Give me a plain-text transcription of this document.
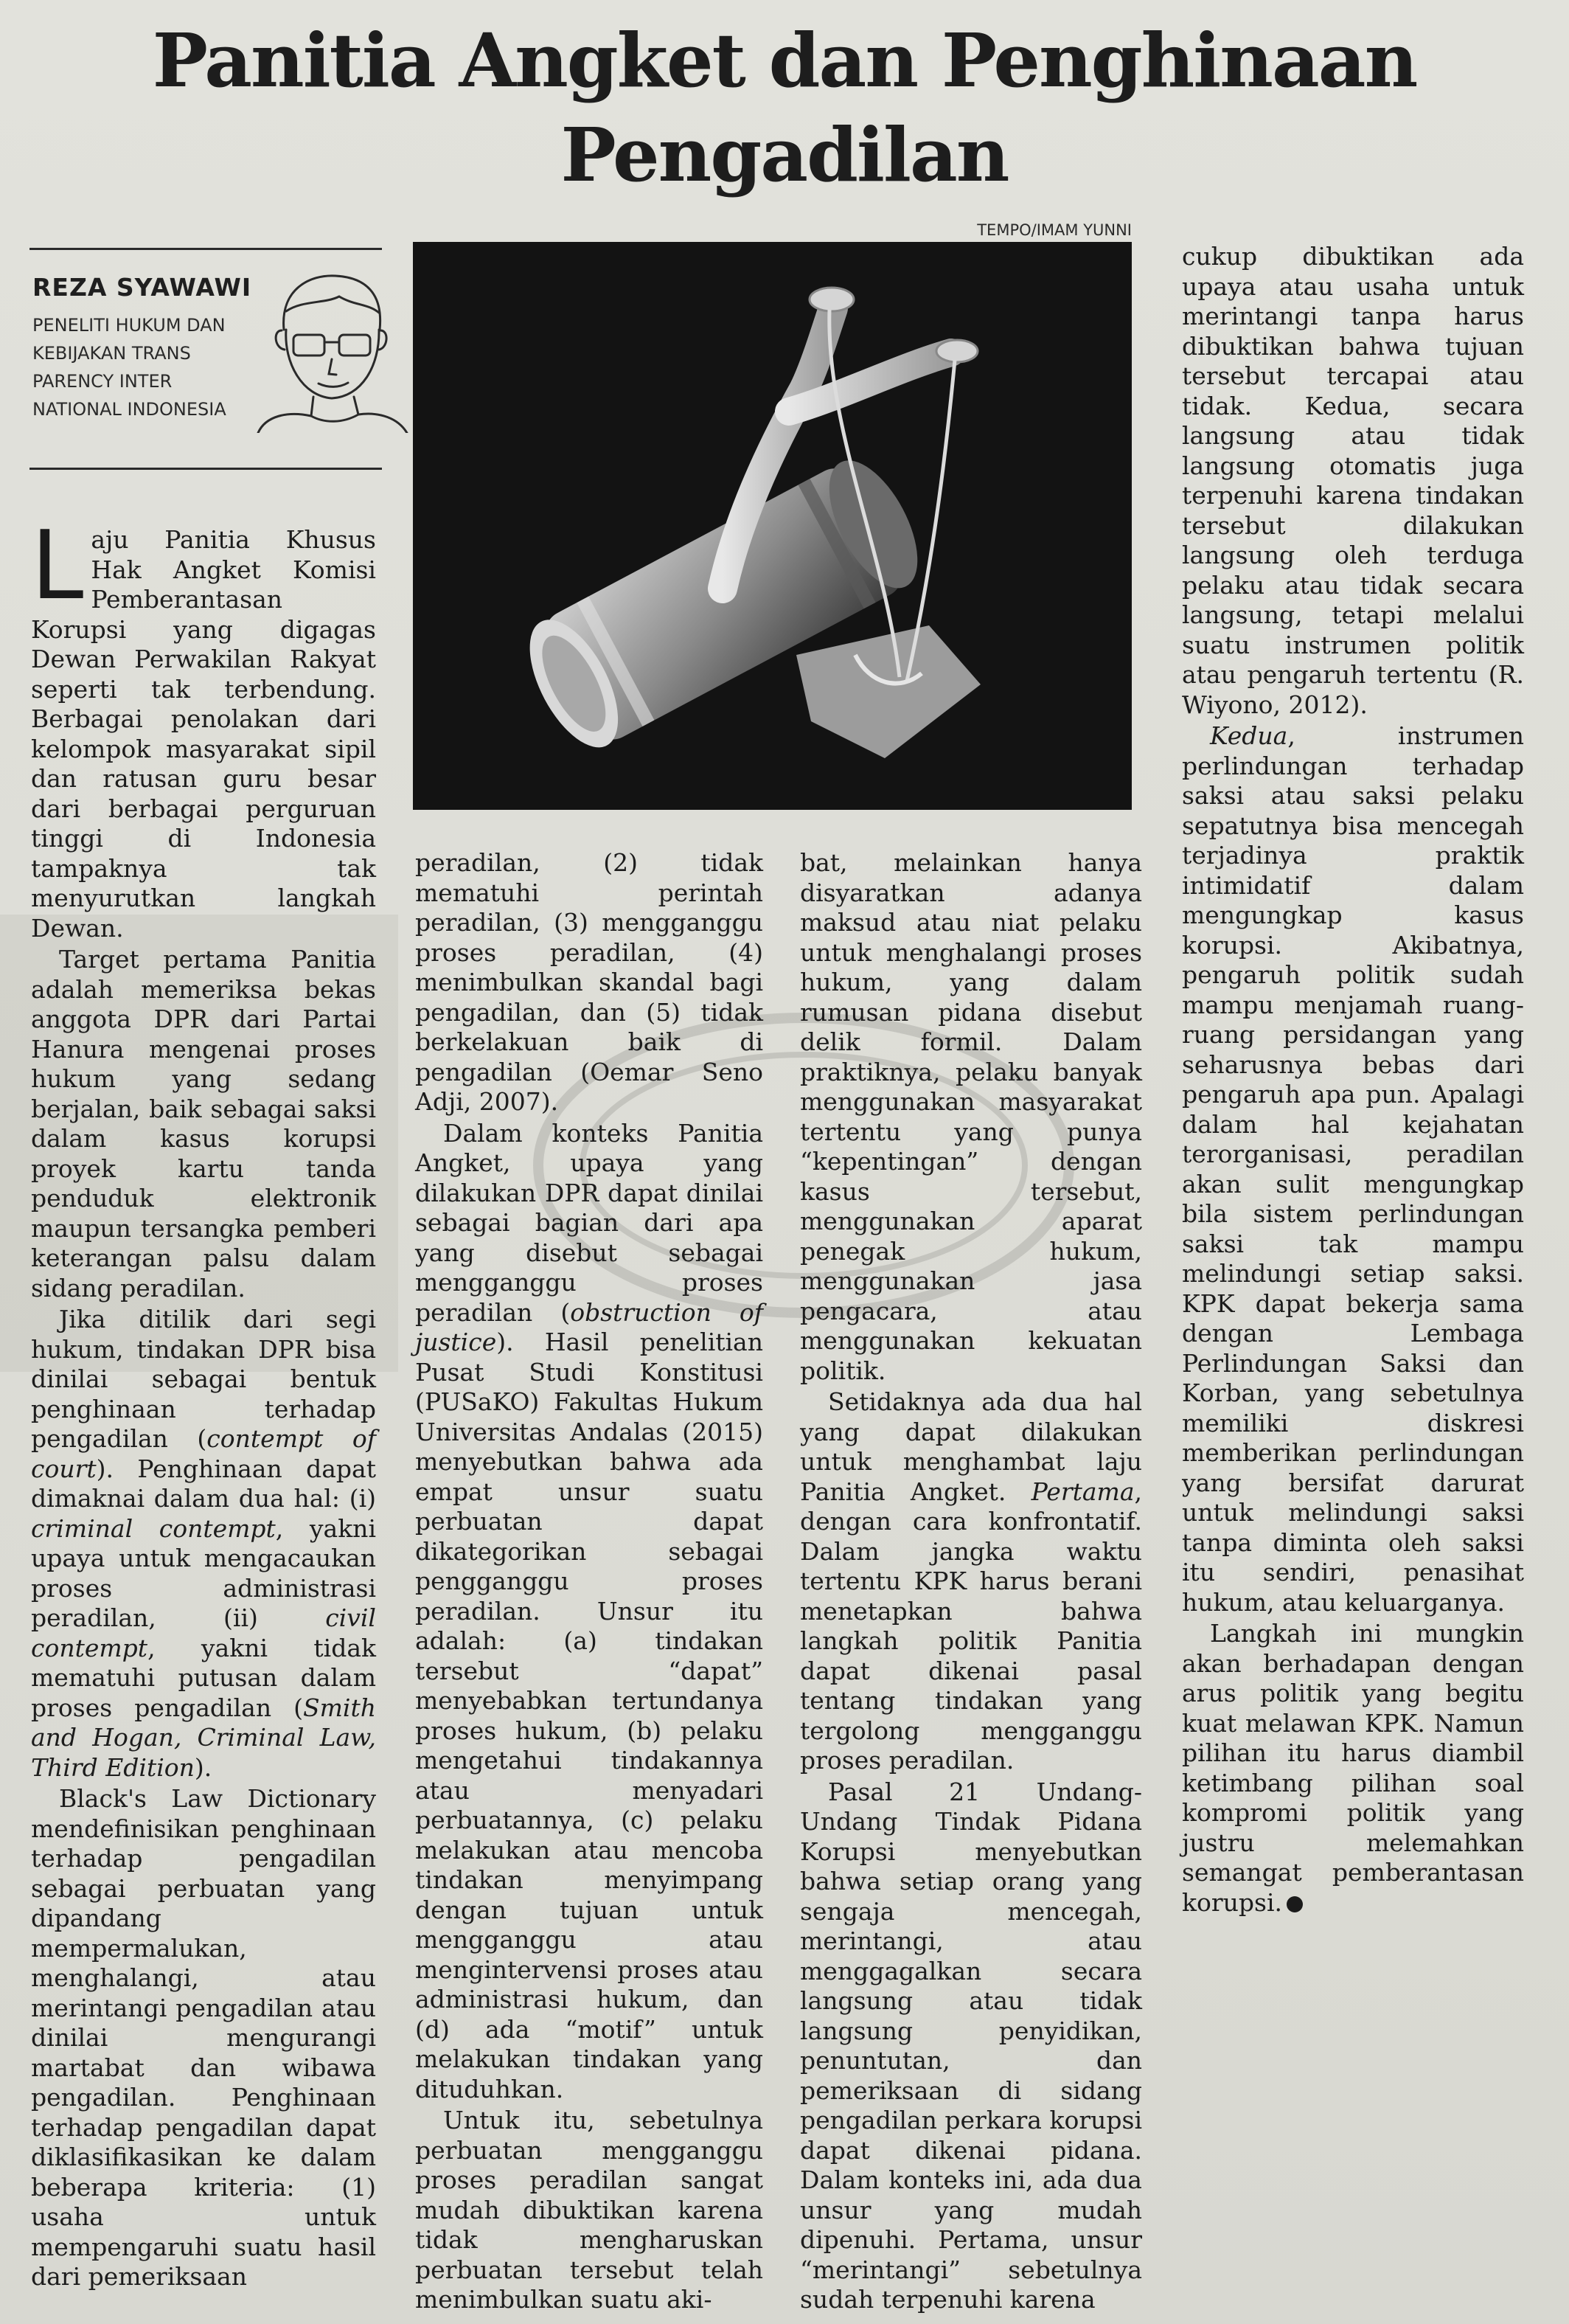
Panitia Angket dan Penghinaan
Pengadilan
REZA SYAWAWI
PENELITI HUKUM DAN KEBIJAKAN TRANS PARENCY INTER NATIONAL INDONESIA
TEMPO/IMAM YUNNI

Laju Panitia Khusus Hak Angket Komisi Pemberantasan Korupsi yang digagas Dewan Perwakilan Rakyat seperti tak terbendung. Berbagai penolakan dari kelompok masyarakat sipil dan ratusan guru besar dari berbagai perguruan tinggi di Indonesia tampaknya tak menyurutkan langkah Dewan.

Target pertama Panitia adalah memeriksa bekas anggota DPR dari Partai Hanura mengenai proses hukum yang sedang berjalan, baik sebagai saksi dalam kasus korupsi proyek kartu tanda penduduk elektronik maupun tersangka pemberi keterangan palsu dalam sidang peradilan.

Jika ditilik dari segi hukum, tindakan DPR bisa dinilai sebagai bentuk penghinaan terhadap pengadilan (contempt of court). Penghinaan dapat dimaknai dalam dua hal: (i) criminal contempt, yakni upaya untuk mengacaukan proses administrasi peradilan, (ii) civil contempt, yakni tidak mematuhi putusan dalam proses pengadilan (Smith and Hogan, Criminal Law, Third Edition).

Black's Law Dictionary mendefinisikan penghinaan terhadap pengadilan sebagai perbuatan yang dipandang mempermalukan, menghalangi, atau merintangi pengadilan atau dinilai mengurangi martabat dan wibawa pengadilan. Penghinaan terhadap pengadilan dapat diklasifikasikan ke dalam beberapa kriteria: (1) usaha untuk mempengaruhi suatu hasil dari pemeriksaan

peradilan, (2) tidak mematuhi perintah peradilan, (3) mengganggu proses peradilan, (4) menimbulkan skandal bagi pengadilan, dan (5) tidak berkelakuan baik di pengadilan (Oemar Seno Adji, 2007).

Dalam konteks Panitia Angket, upaya yang dilakukan DPR dapat dinilai sebagai bagian dari apa yang disebut sebagai mengganggu proses peradilan (obstruction of justice). Hasil penelitian Pusat Studi Konstitusi (PUSaKO) Fakultas Hukum Universitas Andalas (2015) menyebutkan bahwa ada empat unsur suatu perbuatan dapat dikategorikan sebagai pengganggu proses peradilan. Unsur itu adalah: (a) tindakan tersebut “dapat” menyebabkan tertundanya proses hukum, (b) pelaku mengetahui tindakannya atau menyadari perbuatannya, (c) pelaku melakukan atau mencoba tindakan menyimpang dengan tujuan untuk mengganggu atau mengintervensi proses atau administrasi hukum, dan (d) ada “motif” untuk melakukan tindakan yang dituduhkan.

Untuk itu, sebetulnya perbuatan mengganggu proses peradilan sangat mudah dibuktikan karena tidak mengharuskan perbuatan tersebut telah menimbulkan suatu aki-

bat, melainkan hanya disyaratkan adanya maksud atau niat pelaku untuk menghalangi proses hukum, yang dalam rumusan pidana disebut delik formil. Dalam praktiknya, pelaku banyak menggunakan masyarakat tertentu yang punya “kepentingan” dengan kasus tersebut, menggunakan aparat penegak hukum, menggunakan jasa pengacara, atau menggunakan kekuatan politik.

Setidaknya ada dua hal yang dapat dilakukan untuk menghambat laju Panitia Angket. Pertama, dengan cara konfrontatif. Dalam jangka waktu tertentu KPK harus berani menetapkan bahwa langkah politik Panitia dapat dikenai pasal tentang tindakan yang tergolong mengganggu proses peradilan.

Pasal 21 Undang-Undang Tindak Pidana Korupsi menyebutkan bahwa setiap orang yang sengaja mencegah, merintangi, atau menggagalkan secara langsung atau tidak langsung penyidikan, penuntutan, dan pemeriksaan di sidang pengadilan perkara korupsi dapat dikenai pidana. Dalam konteks ini, ada dua unsur yang mudah dipenuhi. Pertama, unsur “merintangi” sebetulnya sudah terpenuhi karena

cukup dibuktikan ada upaya atau usaha untuk merintangi tanpa harus dibuktikan bahwa tujuan tersebut tercapai atau tidak. Kedua, secara langsung atau tidak langsung otomatis juga terpenuhi karena tindakan tersebut dilakukan langsung oleh terduga pelaku atau tidak secara langsung, tetapi melalui suatu instrumen politik atau pengaruh tertentu (R. Wiyono, 2012).

Kedua, instrumen perlindungan terhadap saksi atau saksi pelaku sepatutnya bisa mencegah terjadinya praktik intimidatif dalam mengungkap kasus korupsi. Akibatnya, pengaruh politik sudah mampu menjamah ruang-ruang persidangan yang seharusnya bebas dari pengaruh apa pun. Apalagi dalam hal kejahatan terorganisasi, peradilan akan sulit mengungkap bila sistem perlindungan saksi tak mampu melindungi setiap saksi. KPK dapat bekerja sama dengan Lembaga Perlindungan Saksi dan Korban, yang sebetulnya memiliki diskresi memberikan perlindungan yang bersifat darurat untuk melindungi saksi tanpa diminta oleh saksi itu sendiri, penasihat hukum, atau keluarganya.

Langkah ini mungkin akan berhadapan dengan arus politik yang begitu kuat melawan KPK. Namun pilihan itu harus diambil ketimbang pilihan soal kompromi politik yang justru melemahkan semangat pemberantasan korupsi.
